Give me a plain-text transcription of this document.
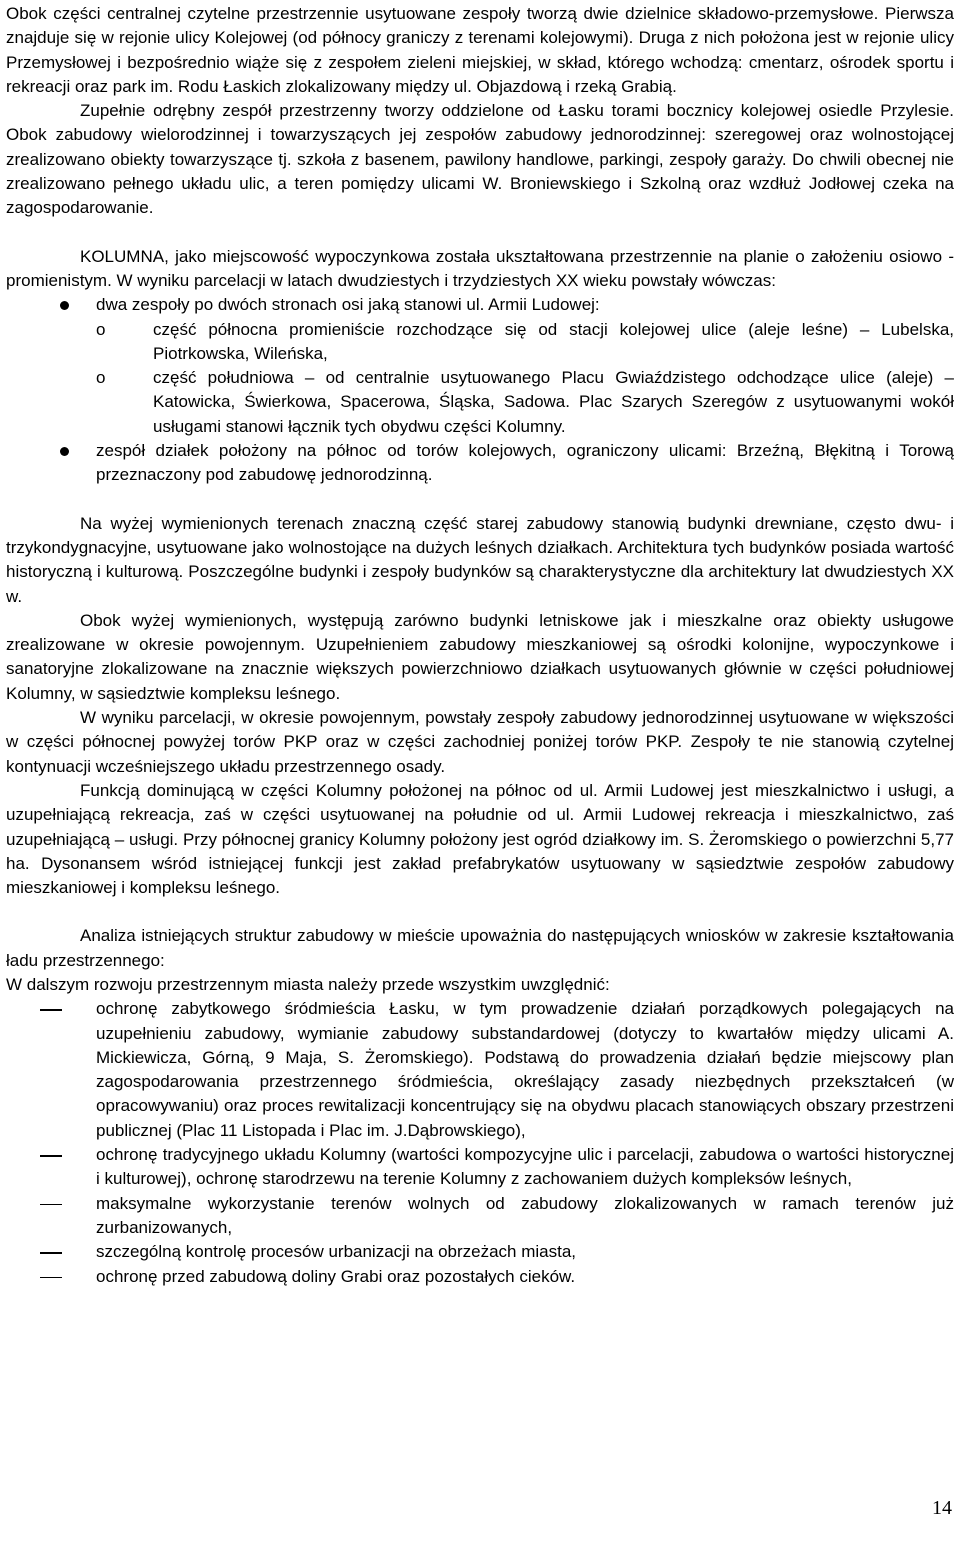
Obok części centralnej czytelne przestrzennie usytuowane zespoły tworzą dwie dzielnice składowo-przemysłowe. Pierwsza znajduje się w rejonie ulicy Kolejowej (od północy graniczy z terenami kolejowymi). Druga z nich położona jest w rejonie ulicy Przemysłowej i bezpośrednio wiąże się z zespołem zieleni miejskiej, w skład, którego wchodzą: cmentarz, ośrodek sportu i rekreacji oraz park im. Rodu Łaskich zlokalizowany między ul. Objazdową i rzeką Grabią.

Zupełnie odrębny zespół przestrzenny tworzy oddzielone od Łasku torami bocznicy kolejowej osiedle Przylesie. Obok zabudowy wielorodzinnej i towarzyszących jej zespołów zabudowy jednorodzinnej: szeregowej oraz wolnostojącej zrealizowano obiekty towarzyszące tj. szkoła z basenem, pawilony handlowe, parkingi, zespoły garaży. Do chwili obecnej nie zrealizowano pełnego układu ulic, a teren pomiędzy ulicami W. Broniewskiego i Szkolną oraz wzdłuż Jodłowej czeka na zagospodarowanie.

KOLUMNA, jako miejscowość wypoczynkowa została ukształtowana przestrzennie na planie o założeniu osiowo - promienistym. W wyniku parcelacji w latach dwudziestych i trzydziestych XX wieku powstały wówczas:

dwa zespoły po dwóch stronach osi jaką stanowi ul. Armii Ludowej:
o	część północna promieniście rozchodzące się od stacji kolejowej ulice (aleje leśne) – Lubelska, Piotrkowska, Wileńska,
o	część południowa – od centralnie usytuowanego Placu Gwiaździstego odchodzące ulice (aleje) – Katowicka, Świerkowa, Spacerowa, Śląska, Sadowa. Plac Szarych Szeregów z usytuowanymi wokół usługami stanowi łącznik tych obydwu części Kolumny.
zespół działek położony na północ od torów kolejowych, ograniczony ulicami: Brzeźną, Błękitną i Torową przeznaczony pod zabudowę jednorodzinną.

Na wyżej wymienionych terenach znaczną część starej zabudowy stanowią budynki drewniane, często dwu- i trzykondygnacyjne, usytuowane jako wolnostojące na dużych leśnych działkach. Architektura tych budynków posiada wartość historyczną i kulturową. Poszczególne budynki i zespoły budynków są charakterystyczne dla architektury lat dwudziestych XX w.

Obok wyżej wymienionych, występują zarówno budynki letniskowe jak i mieszkalne oraz obiekty usługowe zrealizowane w okresie powojennym. Uzupełnieniem zabudowy mieszkaniowej są ośrodki kolonijne, wypoczynkowe i sanatoryjne zlokalizowane na znacznie większych powierzchniowo działkach usytuowanych głównie w części południowej Kolumny, w sąsiedztwie kompleksu leśnego.

W wyniku parcelacji, w okresie powojennym, powstały zespoły zabudowy jednorodzinnej usytuowane w większości w części północnej powyżej torów PKP oraz w części zachodniej poniżej torów PKP. Zespoły te nie stanowią czytelnej kontynuacji wcześniejszego układu przestrzennego osady.

Funkcją dominującą w części Kolumny położonej na północ od ul. Armii Ludowej jest mieszkalnictwo i usługi, a uzupełniającą rekreacja, zaś w części usytuowanej na południe od ul. Armii Ludowej rekreacja i mieszkalnictwo, zaś uzupełniającą – usługi. Przy północnej granicy Kolumny położony jest ogród działkowy im. S. Żeromskiego o powierzchni 5,77 ha. Dysonansem wśród istniejącej funkcji jest zakład prefabrykatów usytuowany w sąsiedztwie zespołów zabudowy mieszkaniowej i kompleksu leśnego.

Analiza istniejących struktur zabudowy w mieście upoważnia do następujących wniosków w zakresie kształtowania ładu przestrzennego:

W dalszym rozwoju przestrzennym miasta należy przede wszystkim uwzględnić:

ochronę zabytkowego śródmieścia Łasku, w tym prowadzenie działań porządkowych polegających na uzupełnieniu zabudowy, wymianie zabudowy substandardowej (dotyczy to kwartałów między ulicami A. Mickiewicza, Górną, 9 Maja, S. Żeromskiego). Podstawą do prowadzenia działań będzie miejscowy plan zagospodarowania przestrzennego śródmieścia, określający zasady niezbędnych przekształceń (w opracowywaniu) oraz proces rewitalizacji koncentrujący się na obydwu placach stanowiących obszary przestrzeni publicznej (Plac 11 Listopada i Plac im. J.Dąbrowskiego),
ochronę tradycyjnego układu Kolumny (wartości kompozycyjne ulic i parcelacji, zabudowa o wartości historycznej i kulturowej), ochronę starodrzewu na terenie Kolumny z zachowaniem dużych kompleksów leśnych,
maksymalne wykorzystanie terenów wolnych od zabudowy zlokalizowanych w ramach terenów już zurbanizowanych,
szczególną kontrolę procesów urbanizacji na obrzeżach miasta,
ochronę przed zabudową doliny Grabi oraz pozostałych cieków.
14
